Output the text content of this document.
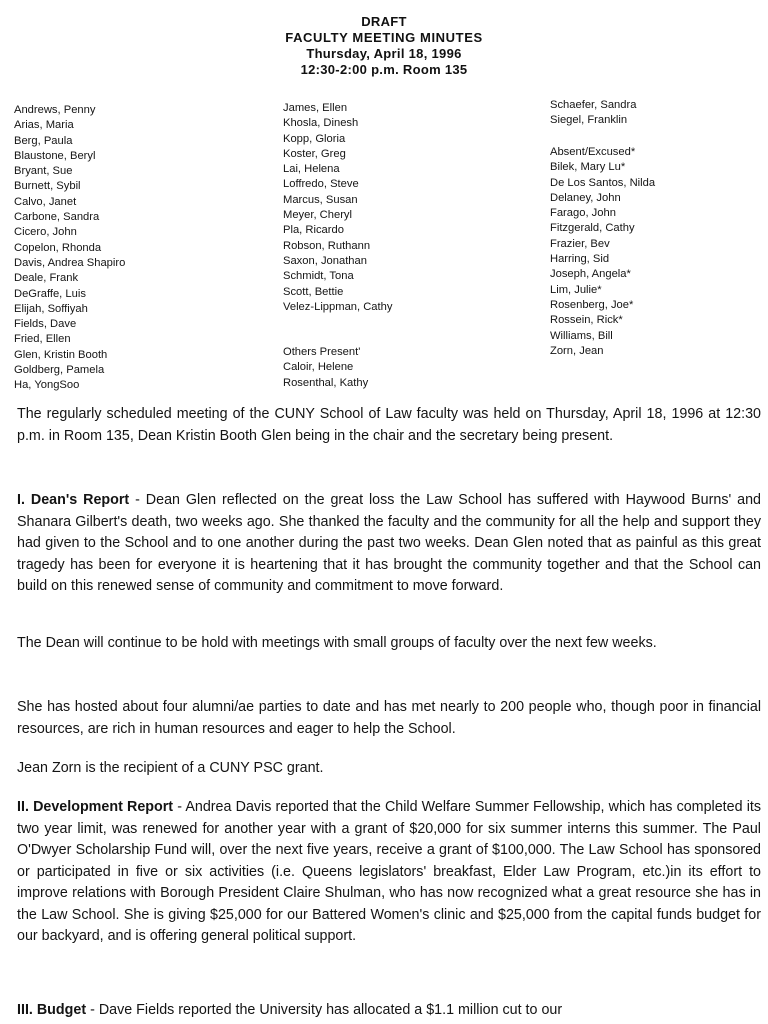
DRAFT
FACULTY MEETING MINUTES
Thursday, April 18, 1996
12:30-2:00 p.m. Room 135
Andrews, Penny
Arias, Maria
Berg, Paula
Blaustone, Beryl
Bryant, Sue
Burnett, Sybil
Calvo, Janet
Carbone, Sandra
Cicero, John
Copelon, Rhonda
Davis, Andrea Shapiro
Deale, Frank
DeGraffe, Luis
Elijah, Soffiyah
Fields, Dave
Fried, Ellen
Glen, Kristin Booth
Goldberg, Pamela
Ha, YongSoo
James, Ellen
Khosla, Dinesh
Kopp, Gloria
Koster, Greg
Lai, Helena
Loffredo, Steve
Marcus, Susan
Meyer, Cheryl
Pla, Ricardo
Robson, Ruthann
Saxon, Jonathan
Schmidt, Tona
Scott, Bettie
Velez-Lippman, Cathy
Others Present'
Caloir, Helene
Rosenthal, Kathy
Schaefer, Sandra
Siegel, Franklin
Absent/Excused*
Bilek, Mary Lu*
De Los Santos, Nilda
Delaney, John
Farago, John
Fitzgerald, Cathy
Frazier, Bev
Harring, Sid
Joseph, Angela*
Lim, Julie*
Rosenberg, Joe*
Rossein, Rick*
Williams, Bill
Zorn, Jean

The regularly scheduled meeting of the CUNY School of Law faculty was held on Thursday, April 18, 1996 at 12:30 p.m. in Room 135, Dean Kristin Booth Glen being in the chair and the secretary being present.

I. Dean's Report - Dean Glen reflected on the great loss the Law School has suffered with Haywood Burns' and Shanara Gilbert's death, two weeks ago. She thanked the faculty and the community for all the help and support they had given to the School and to one another during the past two weeks. Dean Glen noted that as painful as this great tragedy has been for everyone it is heartening that it has brought the community together and that the School can build on this renewed sense of community and commitment to move forward.

The Dean will continue to be hold with meetings with small groups of faculty over the next few weeks.

She has hosted about four alumni/ae parties to date and has met nearly to 200 people who, though poor in financial resources, are rich in human resources and eager to help the School.

Jean Zorn is the recipient of a CUNY PSC grant.

II. Development Report - Andrea Davis reported that the Child Welfare Summer Fellowship, which has completed its two year limit, was renewed for another year with a grant of $20,000 for six summer interns this summer. The Paul O'Dwyer Scholarship Fund will, over the next five years, receive a grant of $100,000. The Law School has sponsored or participated in five or six activities (i.e. Queens legislators' breakfast, Elder Law Program, etc.)in its effort to improve relations with Borough President Claire Shulman, who has now recognized what a great resource she has in the Law School. She is giving $25,000 for our Battered Women's clinic and $25,000 from the capital funds budget for our backyard, and is offering general political support.

III. Budget - Dave Fields reported the University has allocated a $1.1 million cut to our
